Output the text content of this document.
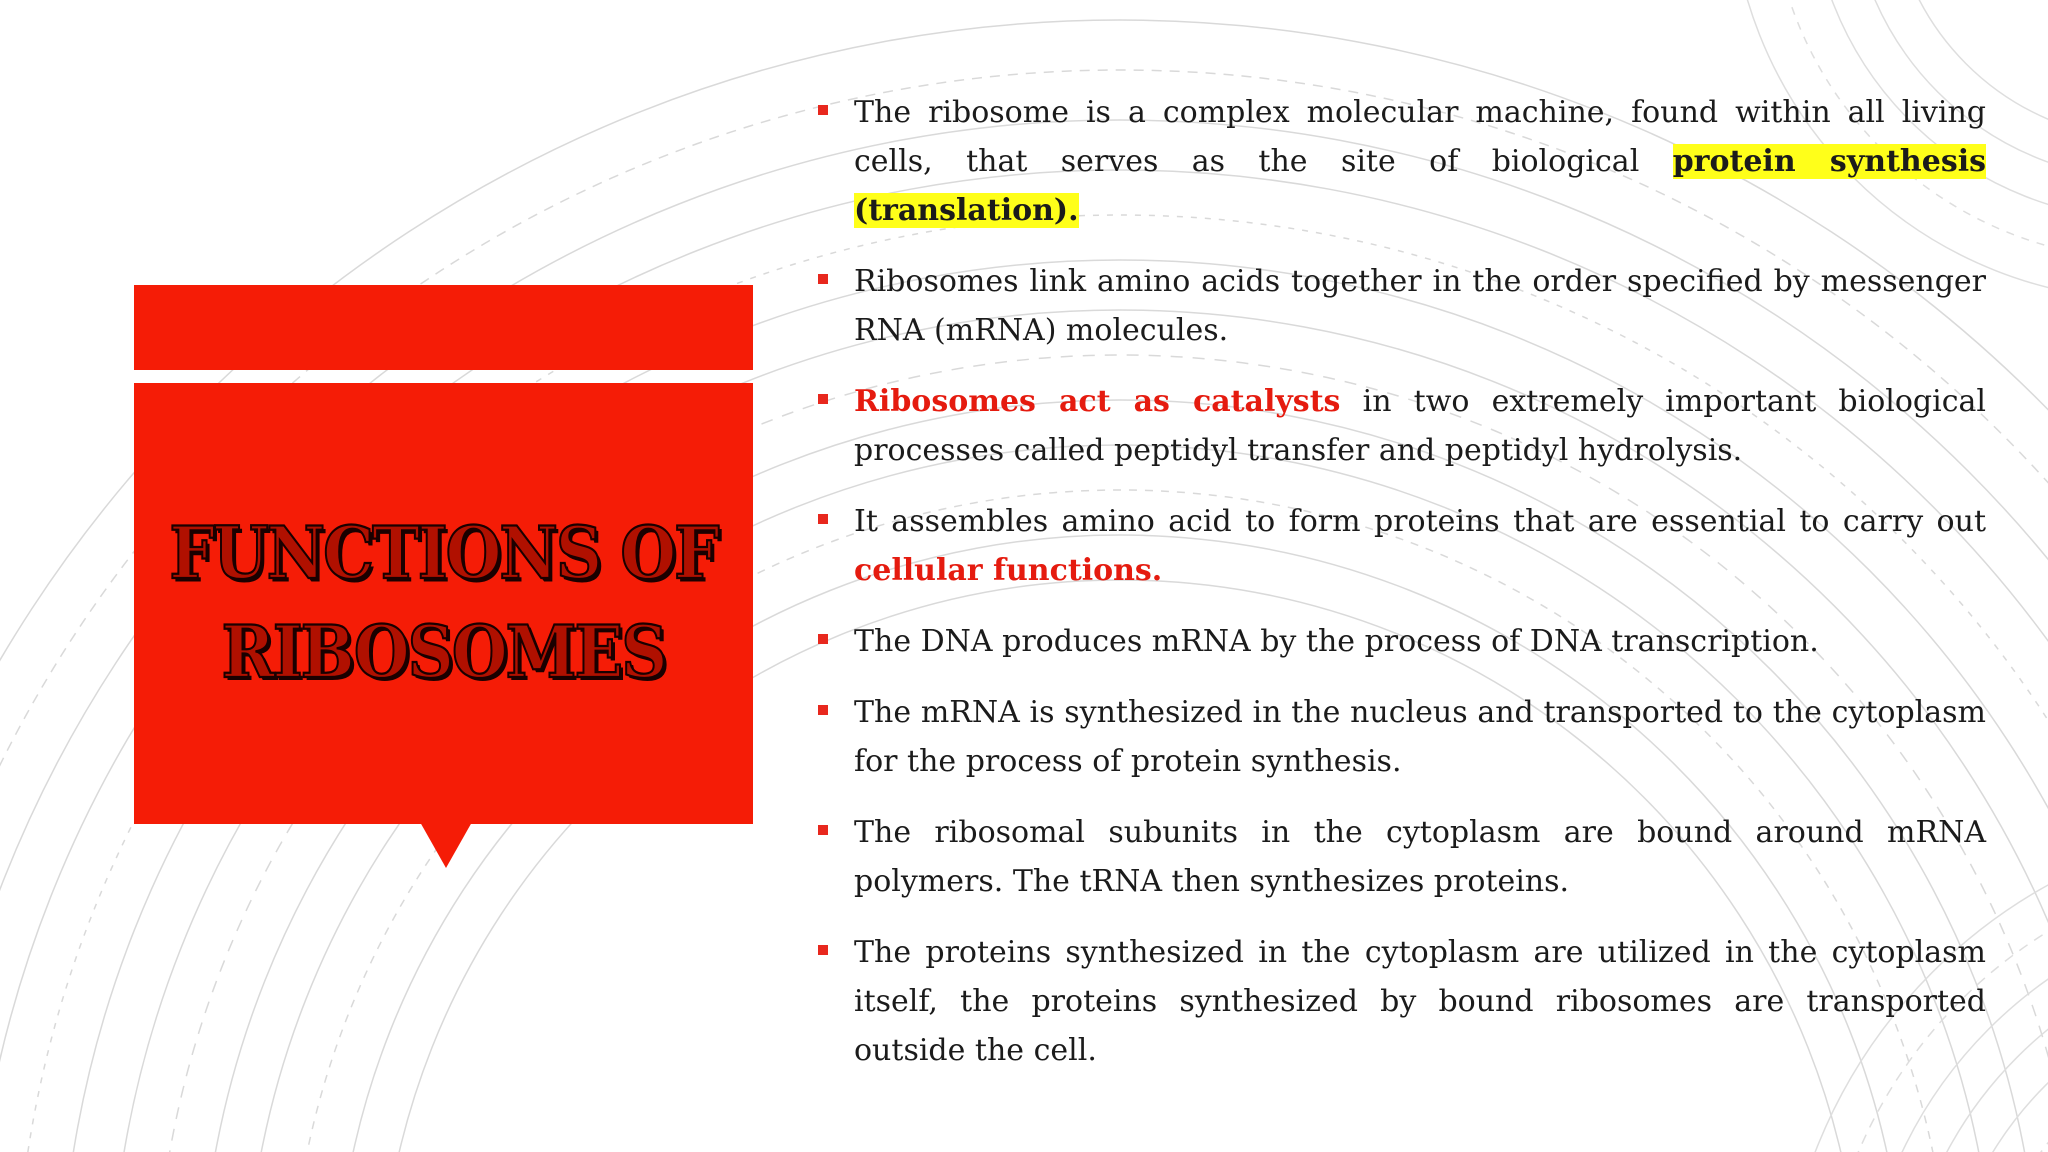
FUNCTIONS OF
RIBOSOMES
The ribosome is a complex molecular machine, found within all living cells, that serves as the site of biological protein synthesis (translation).
Ribosomes link amino acids together in the order specified by messenger RNA (mRNA) molecules.
Ribosomes act as catalysts in two extremely important biological processes called peptidyl transfer and peptidyl hydrolysis.
It assembles amino acid to form proteins that are essential to carry out cellular functions.
The DNA produces mRNA by the process of DNA transcription.
The mRNA is synthesized in the nucleus and transported to the cytoplasm for the process of protein synthesis.
The ribosomal subunits in the cytoplasm are bound around mRNA polymers. The tRNA then synthesizes proteins.
The proteins synthesized in the cytoplasm are utilized in the cytoplasm itself, the proteins synthesized by bound ribosomes are transported outside the cell.
